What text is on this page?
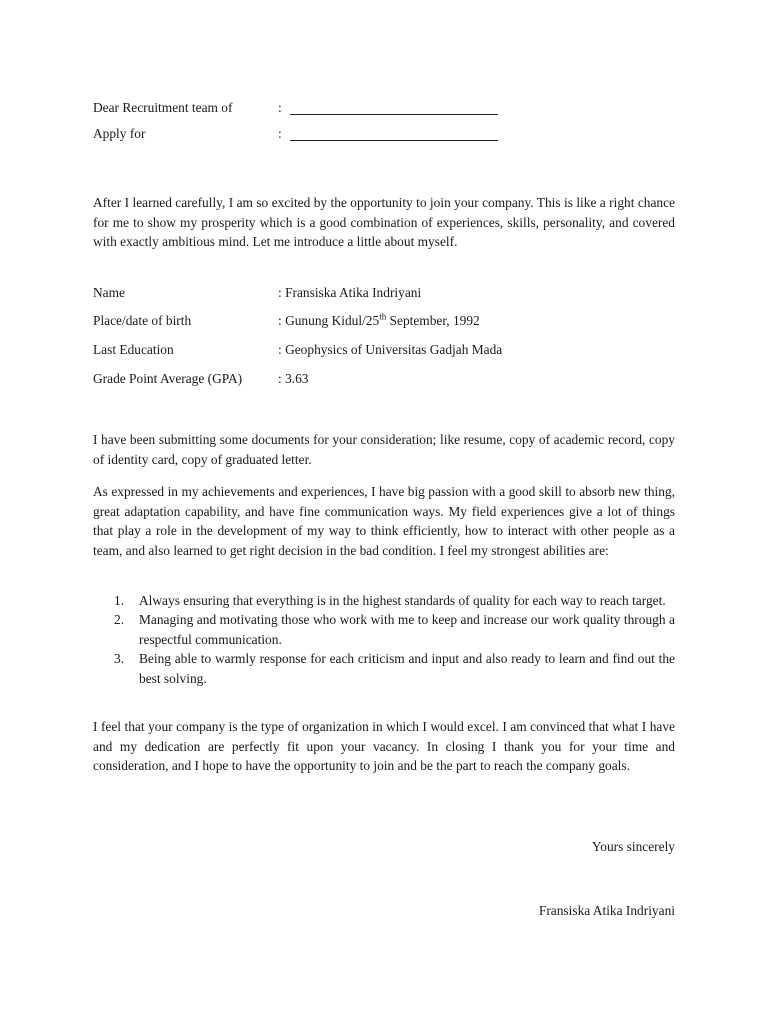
Dear Recruitment team of	:
Apply for	:

After I learned carefully, I am so excited by the opportunity to join your company. This is like a right chance for me to show my prosperity which is a good combination of experiences, skills, personality, and covered with exactly ambitious mind. Let me introduce a little about myself.

Name	: Fransiska Atika Indriyani
Place/date of birth	: Gunung Kidul/25th September, 1992
Last Education	: Geophysics of Universitas Gadjah Mada
Grade Point Average (GPA)	: 3.63

I have been submitting some documents for your consideration; like resume, copy of academic record, copy of identity card, copy of graduated letter.

As expressed in my achievements and experiences, I have big passion with a good skill to absorb new thing, great adaptation capability, and have fine communication ways. My field experiences give a lot of things that play a role in the development of my way to think efficiently, how to interact with other people as a team, and also learned to get right decision in the bad condition. I feel my strongest abilities are:

1. Always ensuring that everything is in the highest standards of quality for each way to reach target.
2. Managing and motivating those who work with me to keep and increase our work quality through a respectful communication.
3. Being able to warmly response for each criticism and input and also ready to learn and find out the best solving.

I feel that your company is the type of organization in which I would excel. I am convinced that what I have and my dedication are perfectly fit upon your vacancy. In closing I thank you for your time and consideration, and I hope to have the opportunity to join and be the part to reach the company goals.

Yours sincerely
Fransiska Atika Indriyani
